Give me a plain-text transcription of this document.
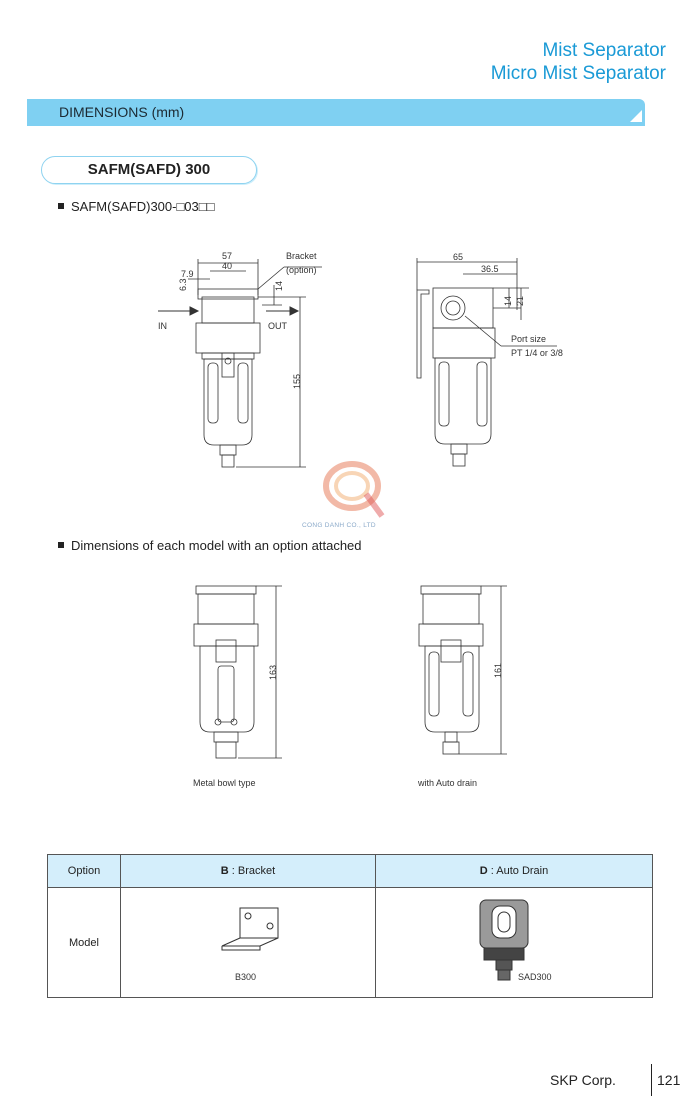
Mist Separator
Micro Mist Separator
DIMENSIONS (mm)
SAFM(SAFD) 300
SAFM(SAFD)300-□03□□
57
40
7.9
6.3	14
155
IN	OUT
Bracket
(option)
65
36.5
14 21
Port size
PT 1/4 or 3/8
CONG DANH CO., LTD
Dimensions of each model with an option attached
163
Metal bowl type
161
with Auto drain
Option	B : Bracket	D : Auto Drain
Model	B300	SAD300
SKP Corp.	121
